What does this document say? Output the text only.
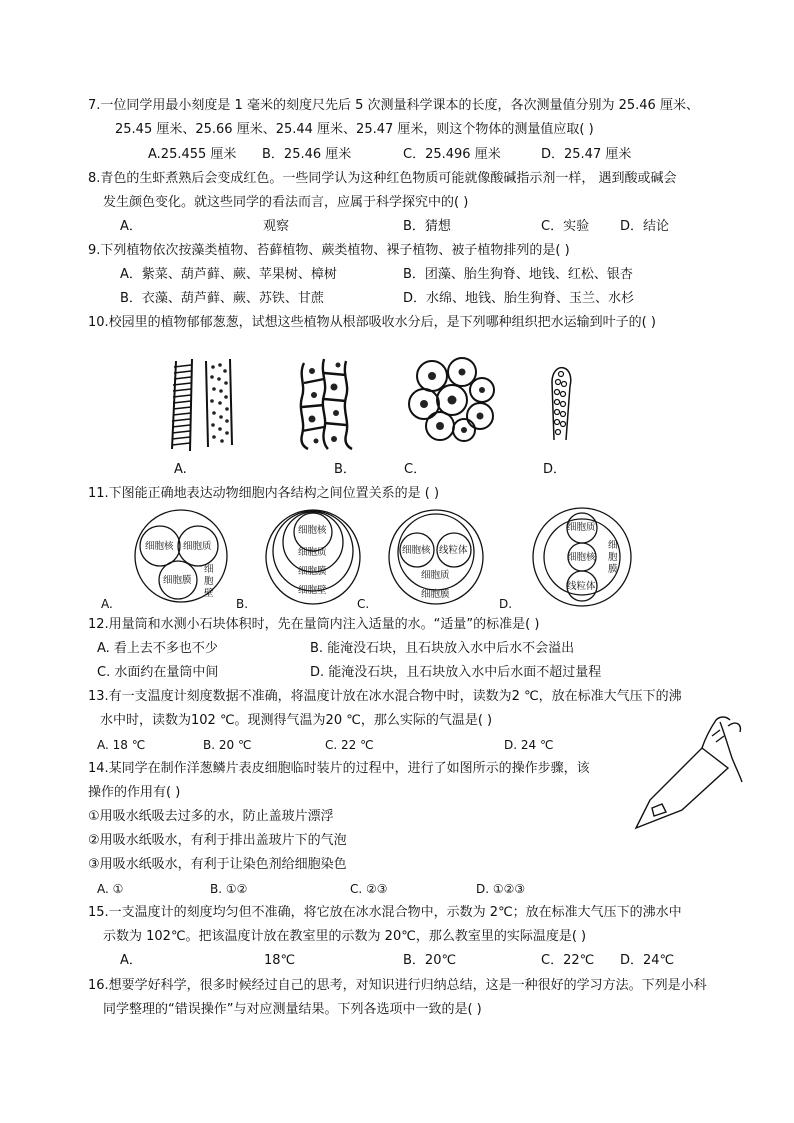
7.一位同学用最小刻度是 1 毫米的刻度尺先后 5 次测量科学课本的长度，各次测量值分别为 25.46 厘米、
25.45 厘米、25.66 厘米、25.44 厘米、25.47 厘米，则这个物体的测量值应取( )
A.25.455 厘米 B．25.46 厘米	C．25.496 厘米	D．25.47 厘米
8.青色的生虾煮熟后会变成红色。一些同学认为这种红色物质可能就像酸碱指示剂一样， 遇到酸或碱会
发生颜色变化。就这些同学的看法而言，应属于科学探究中的( )
A．	观察	B．猜想	C．实验 D．结论
9.下列植物依次按藻类植物、苔藓植物、蕨类植物、裸子植物、被子植物排列的是( )
A．紫菜、葫芦藓、蕨、苹果树、樟树	B．团藻、胎生狗脊、地钱、红松、银杏
B．衣藻、葫芦藓、蕨、苏铁、甘蔗	D．水绵、地钱、胎生狗脊、玉兰、水杉
10.校园里的植物郁郁葱葱，试想这些植物从根部吸收水分后，是下列哪种组织把水运输到叶子的( )
A.	B．	C．	D．
11.下图能正确地表达动物细胞内各结构之间位置关系的是 ( )
细胞核 细胞质
细胞膜
细
胞
壁
细胞核
细胞质
细胞膜
细胞壁
细胞核 线粒体
细胞质
细胞膜
细胞质
细胞核
细
胞
膜
线粒体
A.	B.	C.	D.
12.用量筒和水测小石块体积时，先在量筒内注入适量的水。“适量”的标准是( )
A. 看上去不多也不少	B. 能淹没石块，且石块放入水中后水不会溢出
C. 水面约在量筒中间	D. 能淹没石块，且石块放入水中后水面不超过量程
13.有一支温度计刻度数据不准确，将温度计放在冰水混合物中时，读数为2 ℃，放在标准大气压下的沸
水中时，读数为102 ℃。现测得气温为20 ℃，那么实际的气温是( )
A. 18 ℃	B. 20 ℃	C. 22 ℃	D. 24 ℃
14.某同学在制作洋葱鳞片表皮细胞临时装片的过程中，进行了如图所示的操作步骤，该
操作的作用有( )
①用吸水纸吸去过多的水，防止盖玻片漂浮
②用吸水纸吸水，有利于排出盖玻片下的气泡
③用吸水纸吸水，有利于让染色剂给细胞染色
A. ①	B. ①②	C. ②③	D. ①②③
15.一支温度计的刻度均匀但不准确，将它放在冰水混合物中，示数为 2℃；放在标准大气压下的沸水中
示数为 102℃。把该温度计放在教室里的示数为 20℃，那么教室里的实际温度是( )
A．	18℃	B．20℃	C．22℃ D．24℃
16.想要学好科学，很多时候经过自己的思考，对知识进行归纳总结，这是一种很好的学习方法。下列是小科
同学整理的“错误操作”与对应测量结果。下列各选项中一致的是( )
